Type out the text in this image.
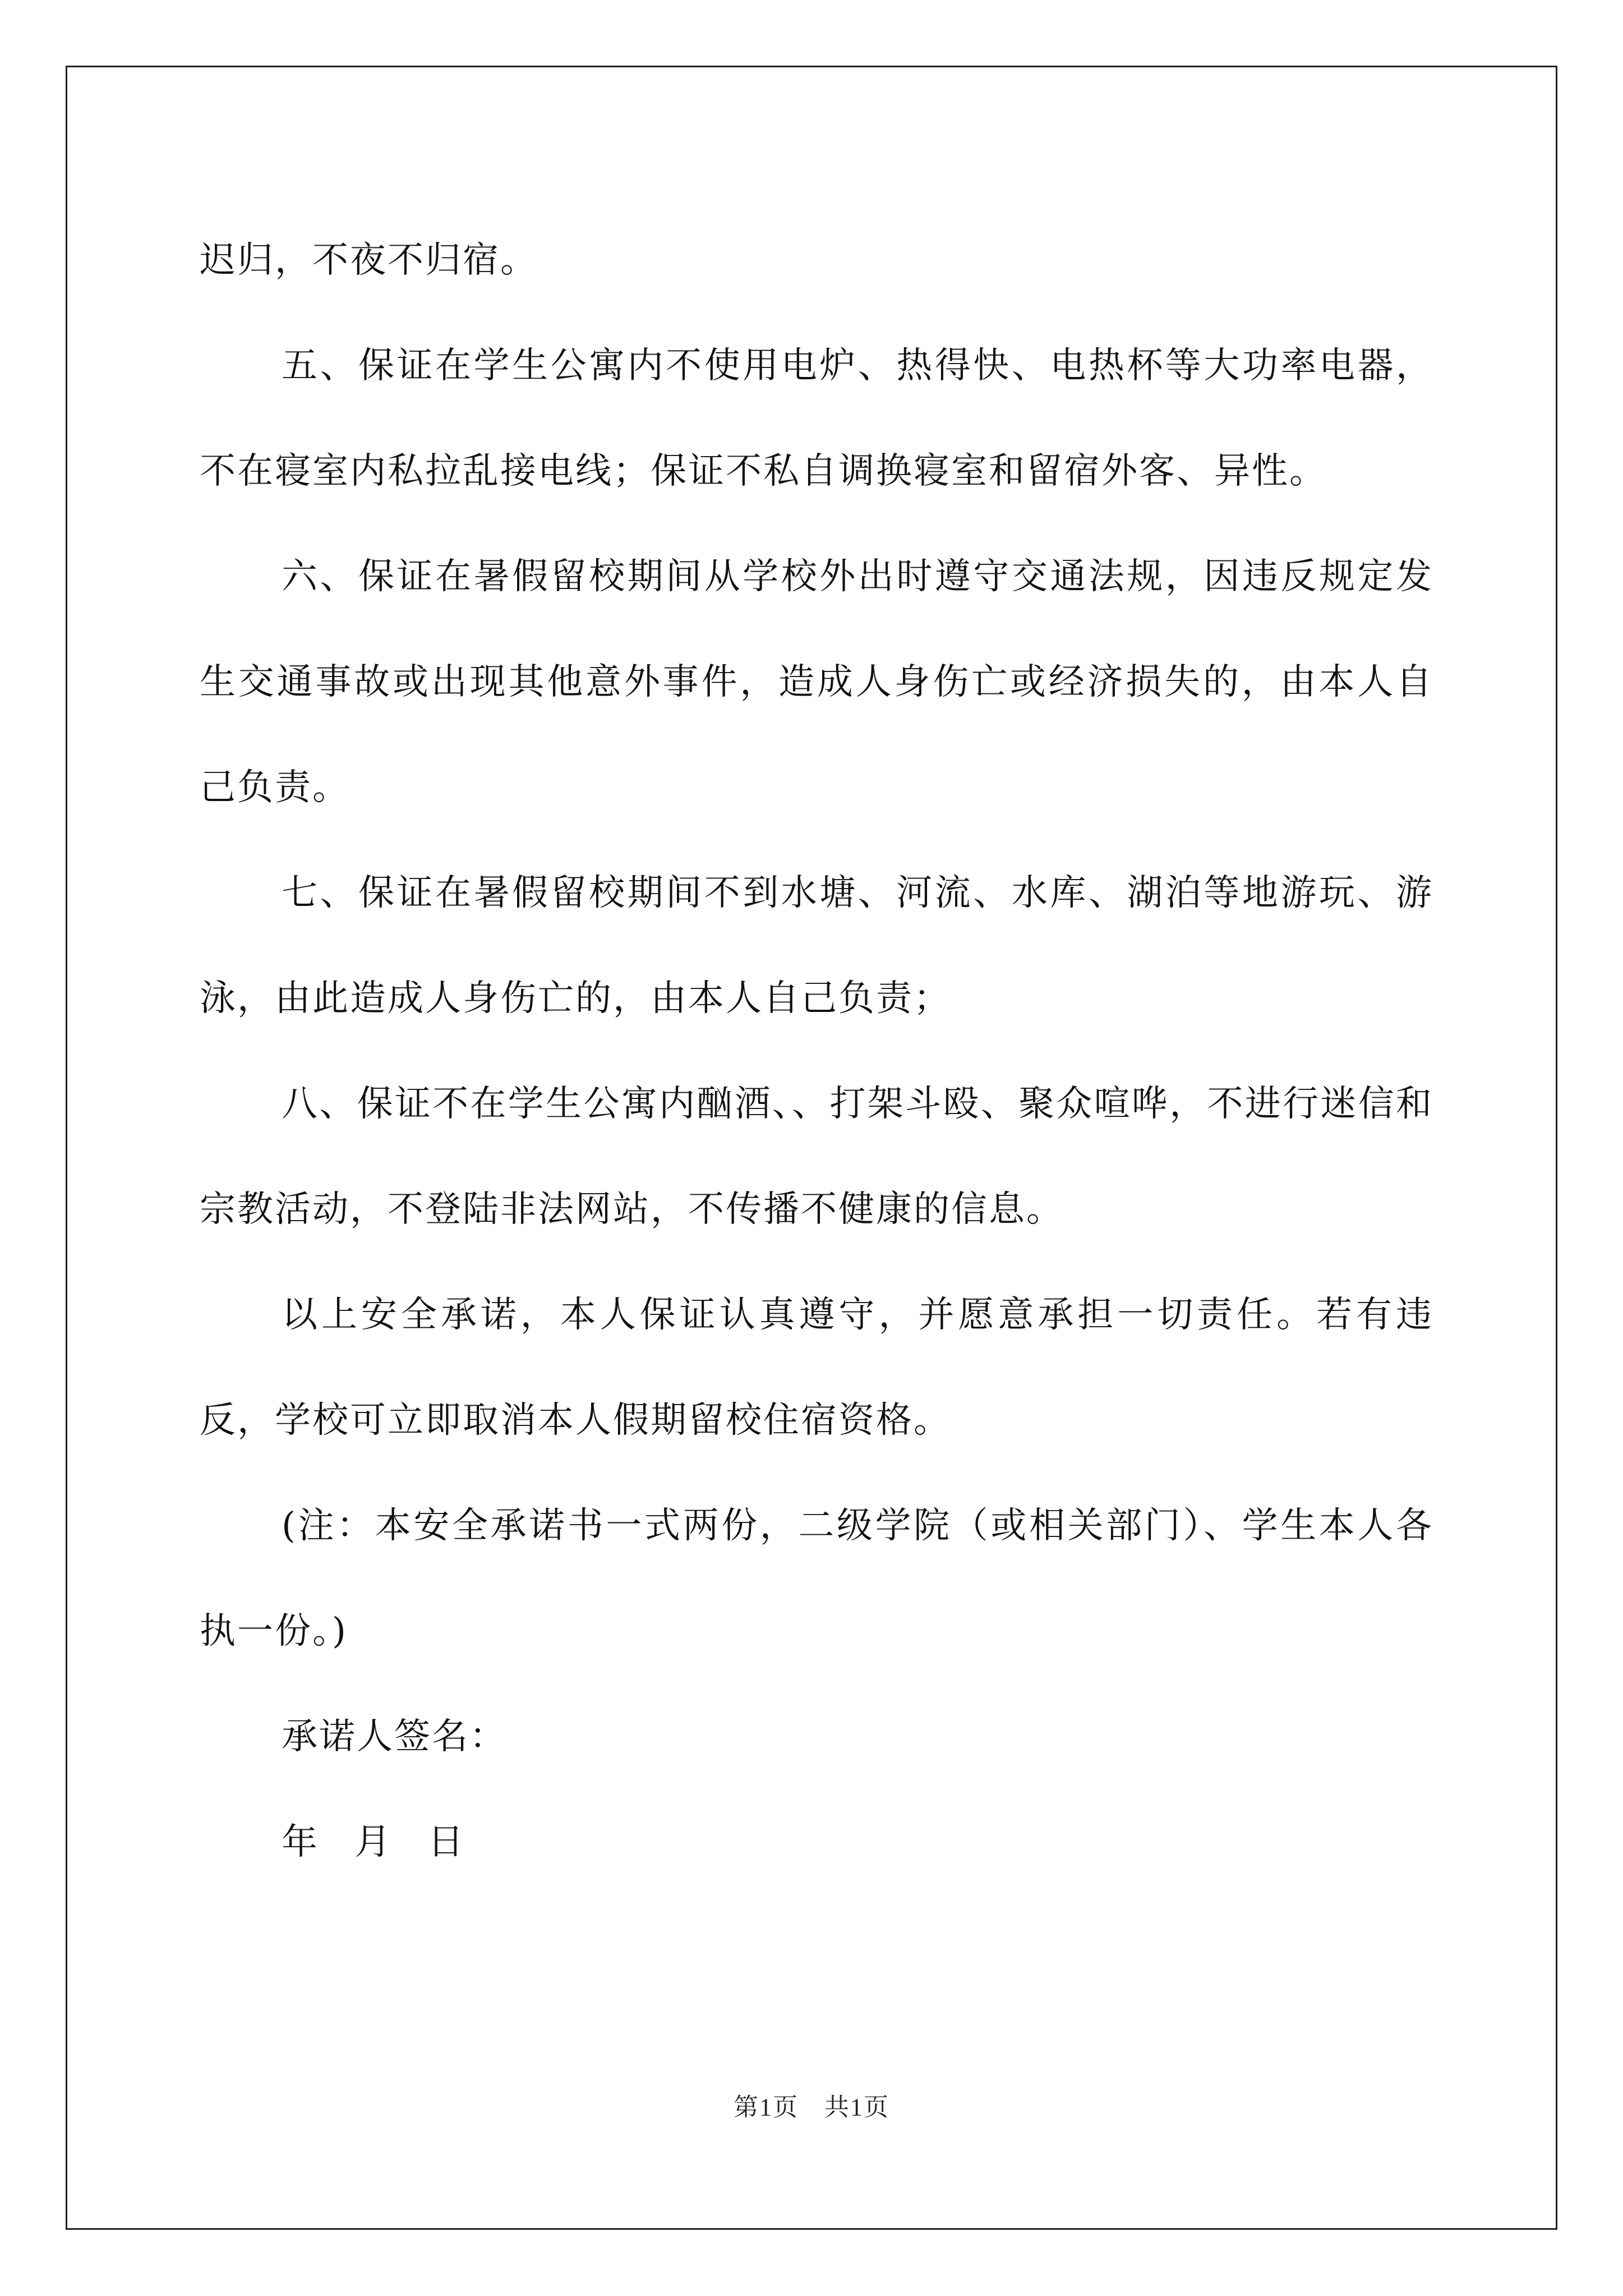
迟归，不夜不归宿。

五、保证在学生公寓内不使用电炉、热得快、电热杯等大功率电器，不在寝室内私拉乱接电线；保证不私自调换寝室和留宿外客、异性。

六、保证在暑假留校期间从学校外出时遵守交通法规，因违反规定发生交通事故或出现其他意外事件，造成人身伤亡或经济损失的，由本人自己负责。

七、保证在暑假留校期间不到水塘、河流、水库、湖泊等地游玩、游泳，由此造成人身伤亡的，由本人自己负责；

八、保证不在学生公寓内酗酒、、打架斗殴、聚众喧哗，不进行迷信和宗教活动，不登陆非法网站，不传播不健康的信息。

以上安全承诺，本人保证认真遵守，并愿意承担一切责任。若有违反，学校可立即取消本人假期留校住宿资格。

(注：本安全承诺书一式两份，二级学院（或相关部门）、学生本人各执一份。)

承诺人签名：

年 月 日

第1页　共1页
